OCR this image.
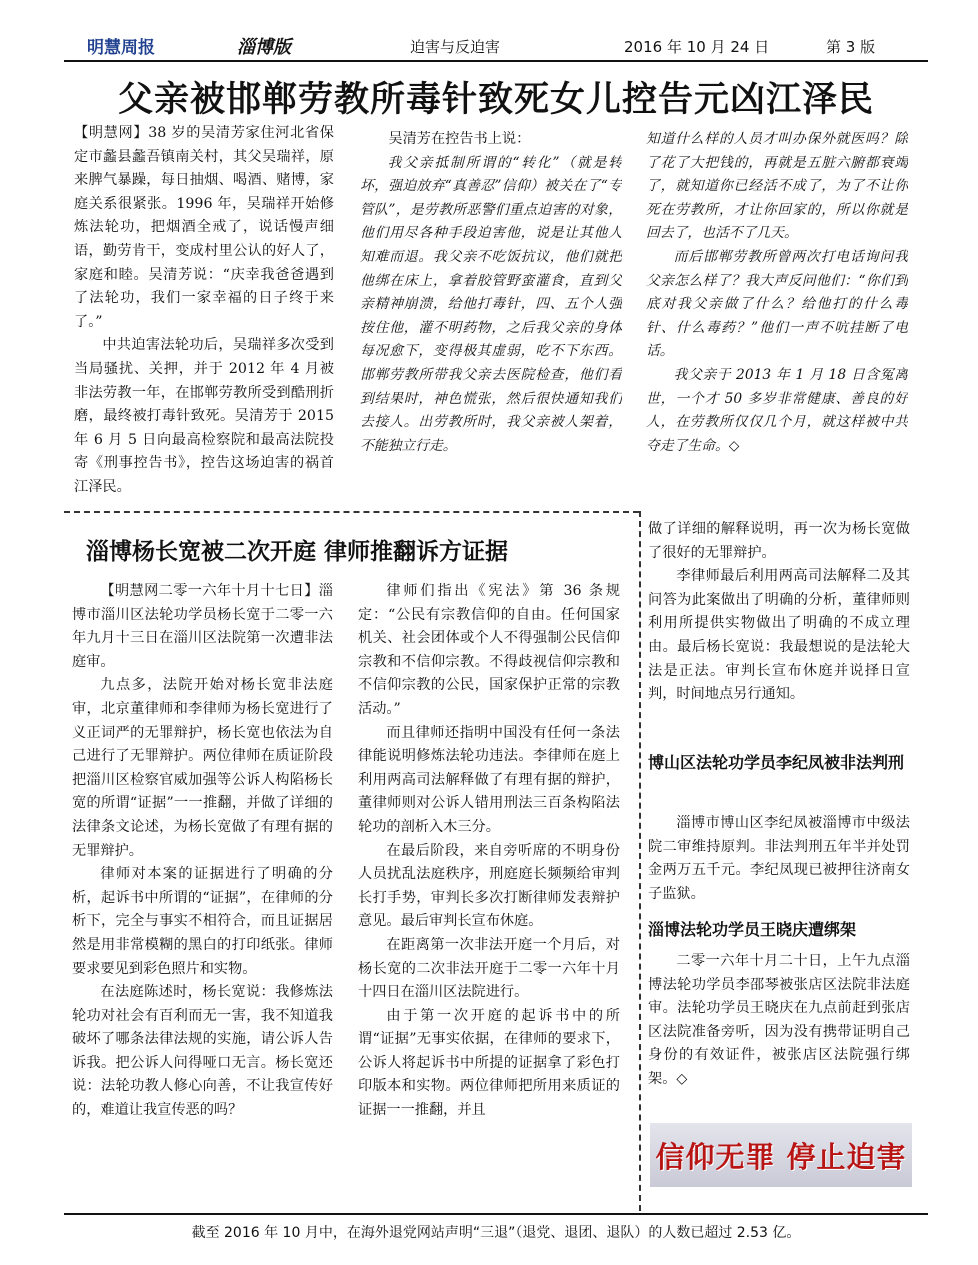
明慧周报	淄博版	迫害与反迫害	2016 年 10 月 24 日	第 3 版
父亲被邯郸劳教所毒针致死女儿控告元凶江泽民

【明慧网】38 岁的吴清芳家住河北省保定市蠡县蠡吾镇南关村，其父吴瑞祥，原来脾气暴躁，每日抽烟、喝酒、赌博，家庭关系很紧张。1996 年，吴瑞祥开始修炼法轮功，把烟酒全戒了，说话慢声细语，勤劳肯干，变成村里公认的好人了，家庭和睦。吴清芳说：“庆幸我爸爸遇到了法轮功，我们一家幸福的日子终于来了。”

中共迫害法轮功后，吴瑞祥多次受到当局骚扰、关押，并于 2012 年 4 月被非法劳教一年，在邯郸劳教所受到酷刑折磨，最终被打毒针致死。吴清芳于 2015 年 6 月 5 日向最高检察院和最高法院投寄《刑事控告书》，控告这场迫害的祸首江泽民。

吴清芳在控告书上说：

我父亲抵制所谓的“转化”（就是转坏，强迫放弃“真善忍”信仰）被关在了“专管队”，是劳教所恶警们重点迫害的对象，他们用尽各种手段迫害他，说是让其他人知难而退。我父亲不吃饭抗议，他们就把他绑在床上，拿着胶管野蛮灌食，直到父亲精神崩溃，给他打毒针，四、五个人强按住他，灌不明药物，之后我父亲的身体每况愈下，变得极其虚弱，吃不下东西。邯郸劳教所带我父亲去医院检查，他们看到结果时，神色慌张，然后很快通知我们去接人。出劳教所时，我父亲被人架着，不能独立行走。

知道什么样的人员才叫办保外就医吗？除了花了大把钱的，再就是五脏六腑都衰竭了，就知道你已经活不成了，为了不让你死在劳教所，才让你回家的，所以你就是回去了，也活不了几天。

而后邯郸劳教所曾两次打电话询问我父亲怎么样了？我大声反问他们：“你们到底对我父亲做了什么？给他打的什么毒针、什么毒药？”他们一声不吭挂断了电话。

我父亲于 2013 年 1 月 18 日含冤离世，一个才 50 多岁非常健康、善良的好人，在劳教所仅仅几个月，就这样被中共夺走了生命。◇

淄博杨长宽被二次开庭 律师推翻诉方证据

【明慧网二零一六年十月十七日】淄博市淄川区法轮功学员杨长宽于二零一六年九月十三日在淄川区法院第一次遭非法庭审。

九点多，法院开始对杨长宽非法庭审，北京董律师和李律师为杨长宽进行了义正词严的无罪辩护，杨长宽也依法为自己进行了无罪辩护。两位律师在质证阶段把淄川区检察官威加强等公诉人构陷杨长宽的所谓“证据”一一推翻，并做了详细的法律条文论述，为杨长宽做了有理有据的无罪辩护。

律师对本案的证据进行了明确的分析，起诉书中所谓的“证据”，在律师的分析下，完全与事实不相符合，而且证据居然是用非常模糊的黑白的打印纸张。律师要求要见到彩色照片和实物。

在法庭陈述时，杨长宽说：我修炼法轮功对社会有百利而无一害，我不知道我破坏了哪条法律法规的实施，请公诉人告诉我。把公诉人问得哑口无言。杨长宽还说：法轮功教人修心向善，不让我宣传好的，难道让我宣传恶的吗？

律师们指出《宪法》第 36 条规定：“公民有宗教信仰的自由。任何国家机关、社会团体或个人不得强制公民信仰宗教和不信仰宗教。不得歧视信仰宗教和不信仰宗教的公民，国家保护正常的宗教活动。”

而且律师还指明中国没有任何一条法律能说明修炼法轮功违法。李律师在庭上利用两高司法解释做了有理有据的辩护，董律师则对公诉人错用刑法三百条构陷法轮功的剖析入木三分。

在最后阶段，来自旁听席的不明身份人员扰乱法庭秩序，刑庭庭长频频给审判长打手势，审判长多次打断律师发表辩护意见。最后审判长宣布休庭。

在距离第一次非法开庭一个月后，对杨长宽的二次非法开庭于二零一六年十月十四日在淄川区法院进行。

由于第一次开庭的起诉书中的所谓“证据”无事实依据，在律师的要求下，公诉人将起诉书中所提的证据拿了彩色打印版本和实物。两位律师把所用来质证的证据一一推翻，并且

做了详细的解释说明，再一次为杨长宽做了很好的无罪辩护。

李律师最后利用两高司法解释二及其问答为此案做出了明确的分析，董律师则利用所提供实物做出了明确的不成立理由。最后杨长宽说：我最想说的是法轮大法是正法。审判长宣布休庭并说择日宣判，时间地点另行通知。

博山区法轮功学员李纪凤被非法判刑

淄博市博山区李纪凤被淄博市中级法院二审维持原判。非法判刑五年半并处罚金两万五千元。李纪凤现已被押往济南女子监狱。

淄博法轮功学员王晓庆遭绑架

二零一六年十月二十日，上午九点淄博法轮功学员李邵琴被张店区法院非法庭审。法轮功学员王晓庆在九点前赶到张店区法院准备旁听，因为没有携带证明自己身份的有效证件，被张店区法院强行绑架。◇

信仰无罪 停止迫害
截至 2016 年 10 月中，在海外退党网站声明“三退”（退党、退团、退队）的人数已超过 2.53 亿。
